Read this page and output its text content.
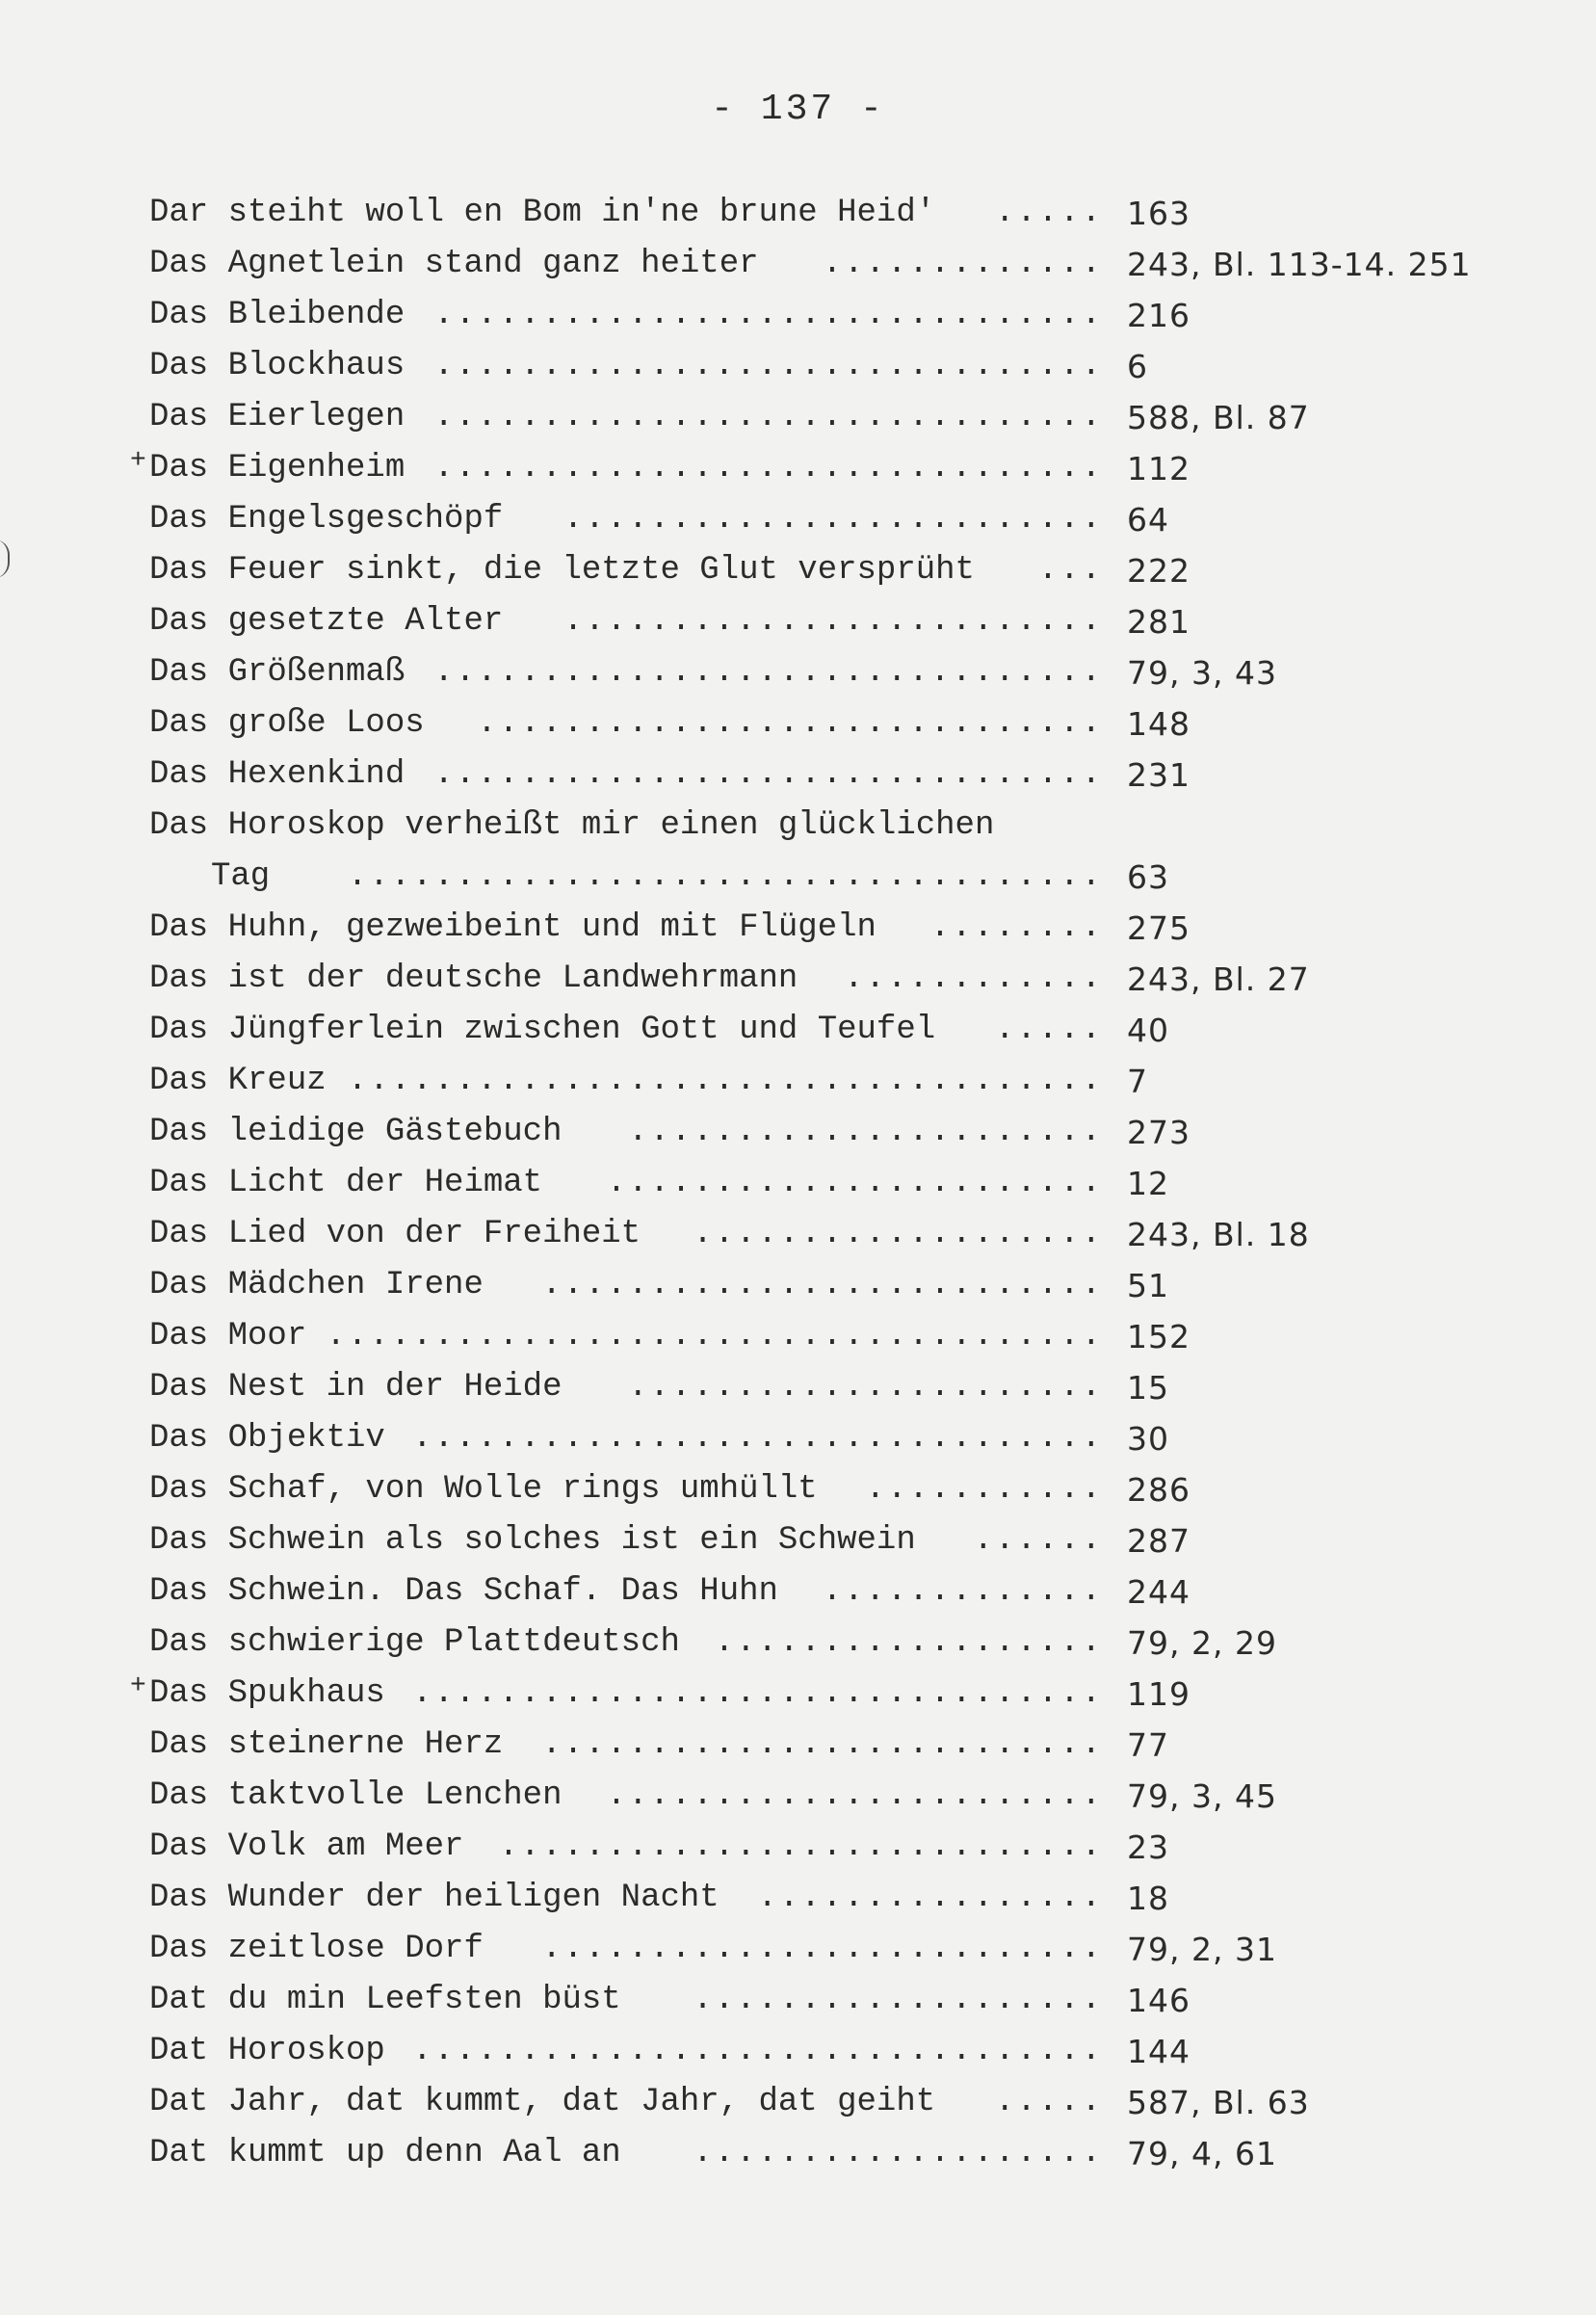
- 137 -
.....
Dar steiht woll en Bom in'ne brune Heid'	163
.............
Das Agnetlein stand ganz heiter	243, Bl. 113-14. 251
...............................
Das Bleibende	216
...............................
Das Blockhaus	6
...............................
Das Eierlegen	588, Bl. 87
+	...............................
Das Eigenheim	112
.........................
Das Engelsgeschöpf	64
...
Das Feuer sinkt, die letzte Glut versprüht	222
.........................
Das gesetzte Alter	281
...............................
Das Größenmaß	79, 3, 43
.............................
Das große Loos	148
...............................
Das Hexenkind	231
Das Horoskop verheißt mir einen glücklichen
...................................
Tag	63
........
Das Huhn, gezweibeint und mit Flügeln	275
............
Das ist der deutsche Landwehrmann	243, Bl. 27
.....
Das Jüngferlein zwischen Gott und Teufel	40
...................................
Das Kreuz	7
......................
Das leidige Gästebuch	273
.......................
Das Licht der Heimat	12
...................
Das Lied von der Freiheit	243, Bl. 18
..........................
Das Mädchen Irene	51
....................................
Das Moor	152
......................
Das Nest in der Heide	15
................................
Das Objektiv	30
...........
Das Schaf, von Wolle rings umhüllt	286
......
Das Schwein als solches ist ein Schwein	287
.............
Das Schwein. Das Schaf. Das Huhn	244
..................
Das schwierige Plattdeutsch	79, 2, 29
+	................................
Das Spukhaus	119
..........................
Das steinerne Herz	77
.......................
Das taktvolle Lenchen	79, 3, 45
............................
Das Volk am Meer	23
................
Das Wunder der heiligen Nacht	18
..........................
Das zeitlose Dorf	79, 2, 31
...................
Dat du min Leefsten büst	146
................................
Dat Horoskop	144
.....
Dat Jahr, dat kummt, dat Jahr, dat geiht	587, Bl. 63
...................
Dat kummt up denn Aal an	79, 4, 61
